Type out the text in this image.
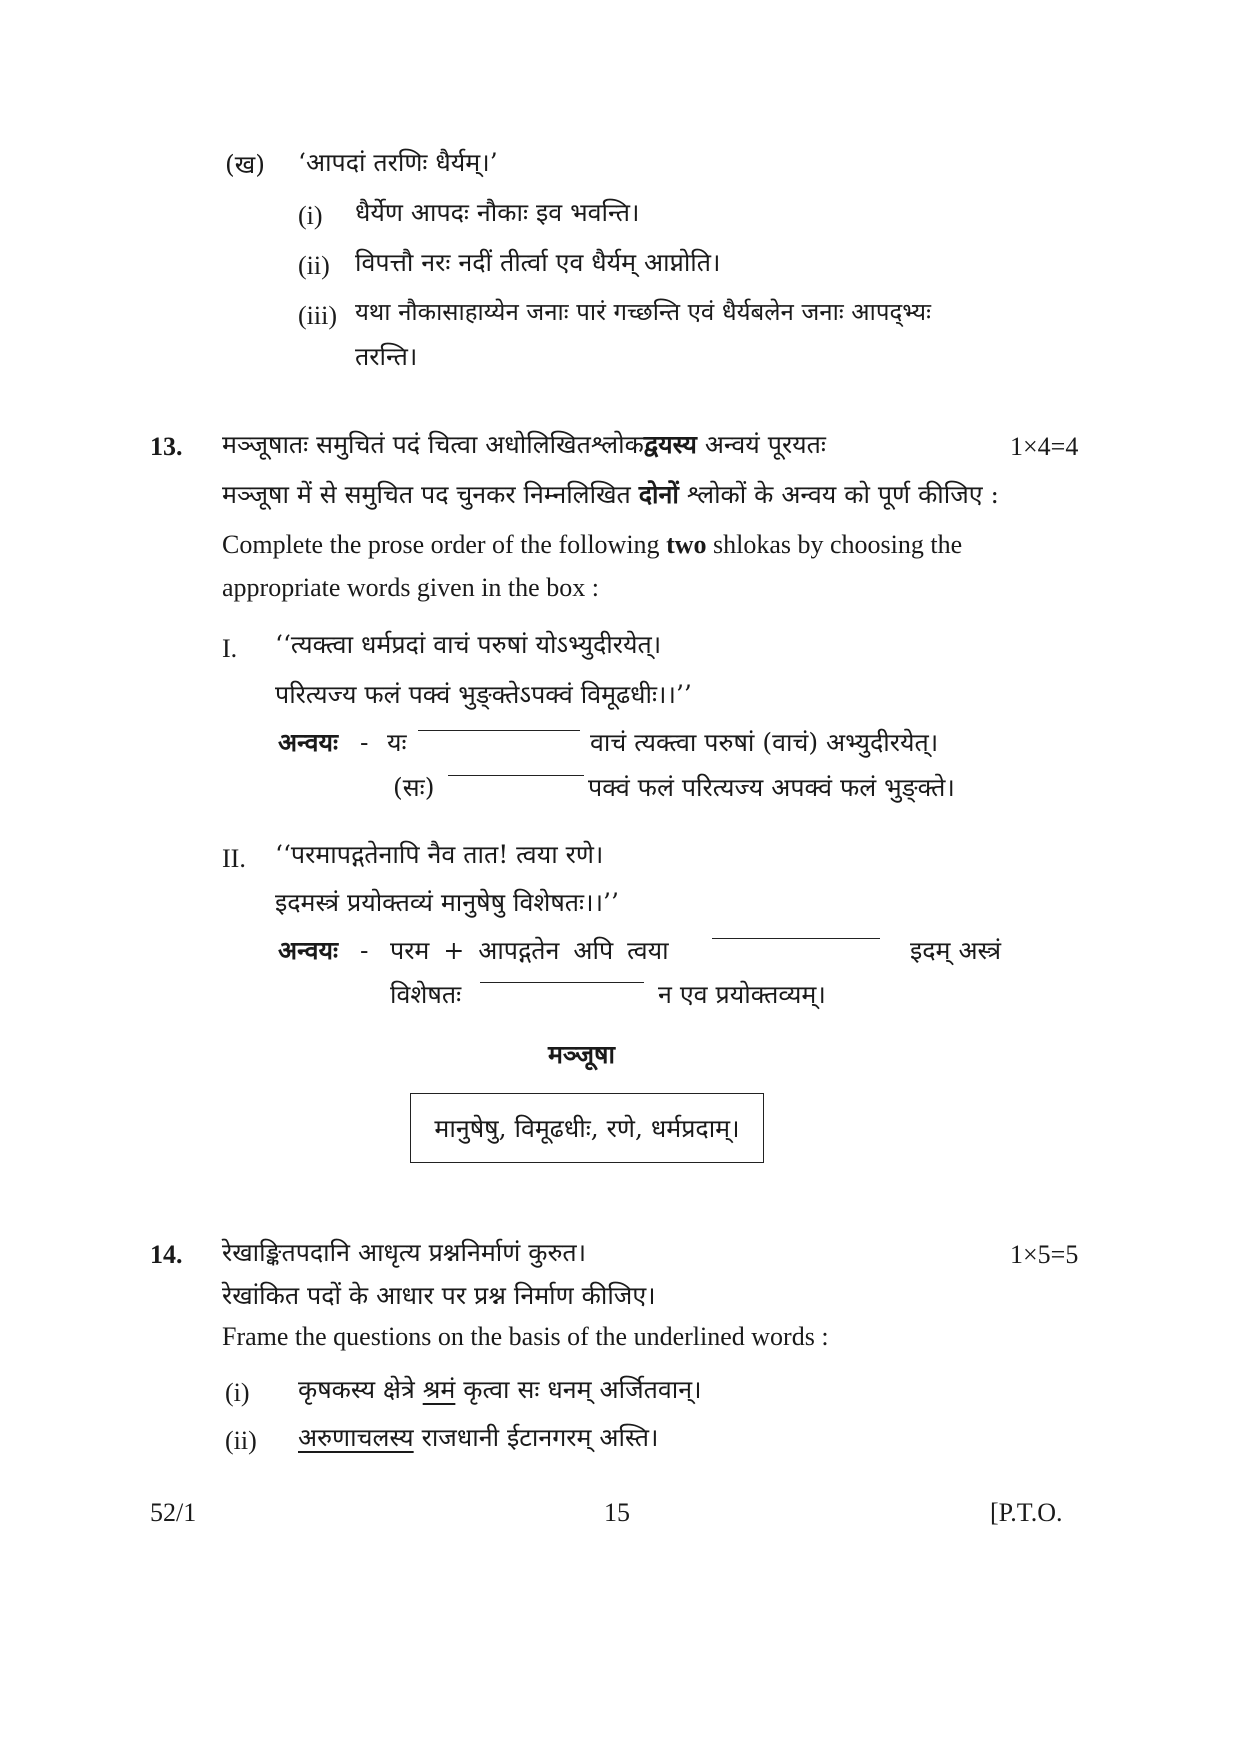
(ख) ‘आपदां तरणिः धैर्यम्।’
(i) धैर्येण आपदः नौकाः इव भवन्ति।
(ii) विपत्तौ नरः नदीं तीर्त्वा एव धैर्यम् आप्नोति।
(iii) यथा नौकासाहाय्येन जनाः पारं गच्छन्ति एवं धैर्यबलेन जनाः आपद्भ्यः
तरन्ति।
13. मञ्जूषातः समुचितं पदं चित्वा अधोलिखितश्लोकद्वयस्य अन्वयं पूरयतः	1×4=4
मञ्जूषा में से समुचित पद चुनकर निम्नलिखित दोनों श्लोकों के अन्वय को पूर्ण कीजिए :
Complete the prose order of the following two shlokas by choosing the
appropriate words given in the box :
I. ‘‘त्यक्त्वा धर्मप्रदां वाचं परुषां योऽभ्युदीरयेत्।
परित्यज्य फलं पक्वं भुङ्क्तेऽपक्वं विमूढधीः।।’’
अन्वयः - यः	वाचं त्यक्त्वा परुषां (वाचं) अभ्युदीरयेत्।
(सः)	पक्वं फलं परित्यज्य अपक्वं फलं भुङ्क्ते।
II. ‘‘परमापद्गतेनापि नैव तात! त्वया रणे।
इदमस्त्रं प्रयोक्तव्यं मानुषेषु विशेषतः।।’’
अन्वयः - परम + आपद्गतेन अपि त्वया	इदम् अस्त्रं
विशेषतः	न एव प्रयोक्तव्यम्।
मञ्जूषा
मानुषेषु, विमूढधीः, रणे, धर्मप्रदाम्।
14. रेखाङ्कितपदानि आधृत्य प्रश्ननिर्माणं कुरुत।	1×5=5
रेखांकित पदों के आधार पर प्रश्न निर्माण कीजिए।
Frame the questions on the basis of the underlined words :
(i) कृषकस्य क्षेत्रे श्रमं कृत्वा सः धनम् अर्जितवान्।
(ii) अरुणाचलस्य राजधानी ईटानगरम् अस्ति।
52/1	15	[P.T.O.
